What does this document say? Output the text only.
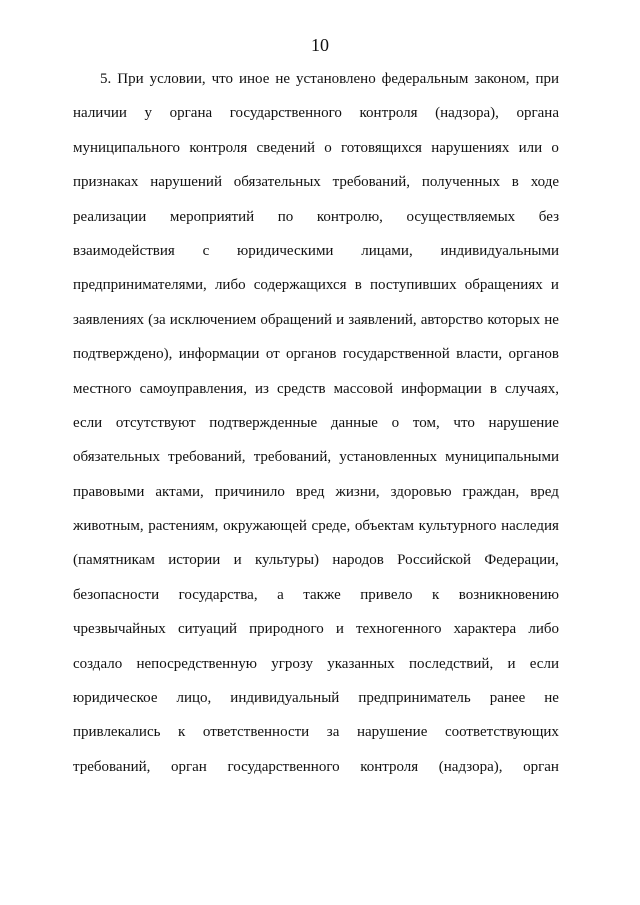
10
5. При условии, что иное не установлено федеральным законом, при
наличии у органа государственного контроля (надзора), органа
муниципального контроля сведений о готовящихся нарушениях или о
признаках нарушений обязательных требований, полученных в ходе
реализации мероприятий по контролю, осуществляемых без
взаимодействия с юридическими лицами, индивидуальными
предпринимателями, либо содержащихся в поступивших обращениях и
заявлениях (за исключением обращений и заявлений, авторство которых не
подтверждено), информации от органов государственной власти, органов
местного самоуправления, из средств массовой информации в случаях,
если отсутствуют подтвержденные данные о том, что нарушение
обязательных требований, требований, установленных муниципальными
правовыми актами, причинило вред жизни, здоровью граждан, вред
животным, растениям, окружающей среде, объектам культурного наследия
(памятникам истории и культуры) народов Российской Федерации,
безопасности государства, а также привело к возникновению
чрезвычайных ситуаций природного и техногенного характера либо
создало непосредственную угрозу указанных последствий, и если
юридическое лицо, индивидуальный предприниматель ранее не
привлекались к ответственности за нарушение соответствующих
требований, орган государственного контроля (надзора), орган
